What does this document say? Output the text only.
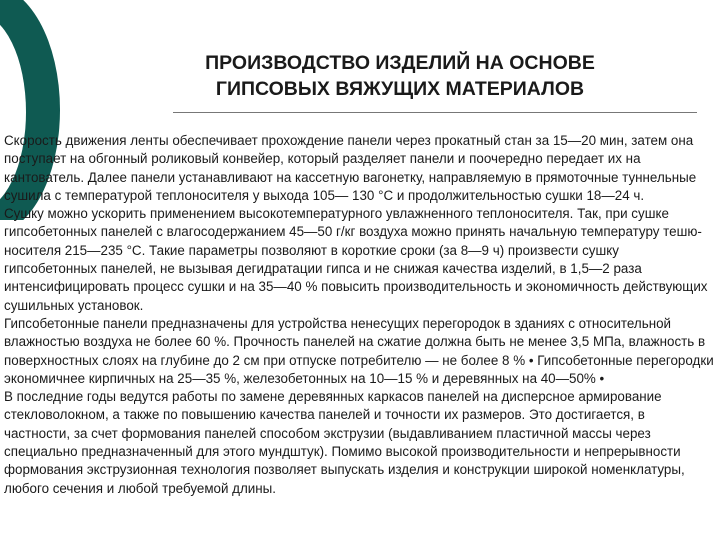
ПРОИЗВОДСТВО ИЗДЕЛИЙ НА ОСНОВЕ
ГИПСОВЫХ ВЯЖУЩИХ МАТЕРИАЛОВ

Скорость движения ленты обеспечивает прохождение панели через прокатный стан за 15—20 мин, затем она поступает на обгонный роликовый конвейер, который разделяет панели и поочередно передает их на кантователь. Далее панели устанавливают на кассетную вагонетку, направляемую в прямоточные туннельные сушила с температурой теплоносителя у выхода 105— 130 °С и продолжительностью сушки 18—24 ч.

Сушку можно ускорить применением высокотемпературного увлажненного теплоносителя. Так, при сушке гипсобетонных панелей с влагосодержанием 45—50 г/кг воздуха можно принять начальную температуру тешю-носителя 215—235 °С. Такие параметры позволяют в короткие сроки (за 8—9 ч) произвести сушку гипсобетонных панелей, не вызывая дегидратации гипса и не снижая качества изделий, в 1,5—2 раза интенсифицировать процесс сушки и на 35—40 % повысить производительность и экономичность действующих сушильных установок.

Гипсобетонные панели предназначены для устройства ненесущих перегородок в зданиях с относительной влажностью воздуха не более 60 %. Прочность панелей на сжатие должна быть не менее 3,5 МПа, влажность в поверхностных слоях на глубине до 2 см при отпуске потребителю — не более 8 % • Гипсобетонные перегородки экономичнее кирпичных на 25—35 %, железобетонных на 10—15 % и деревянных на 40—50% •

В последние годы ведутся работы по замене деревянных каркасов панелей на дисперсное армирование стекловолокном, а также по повышению качества панелей и точности их размеров. Это достигается, в частности, за счет формования панелей способом экструзии (выдавливанием пластичной массы через специально предназначенный для этого мундштук). Помимо высокой производительности и непрерывности формования экструзионная технология позволяет выпускать изделия и конструкции широкой номенклатуры, любого сечения и любой требуемой длины.
